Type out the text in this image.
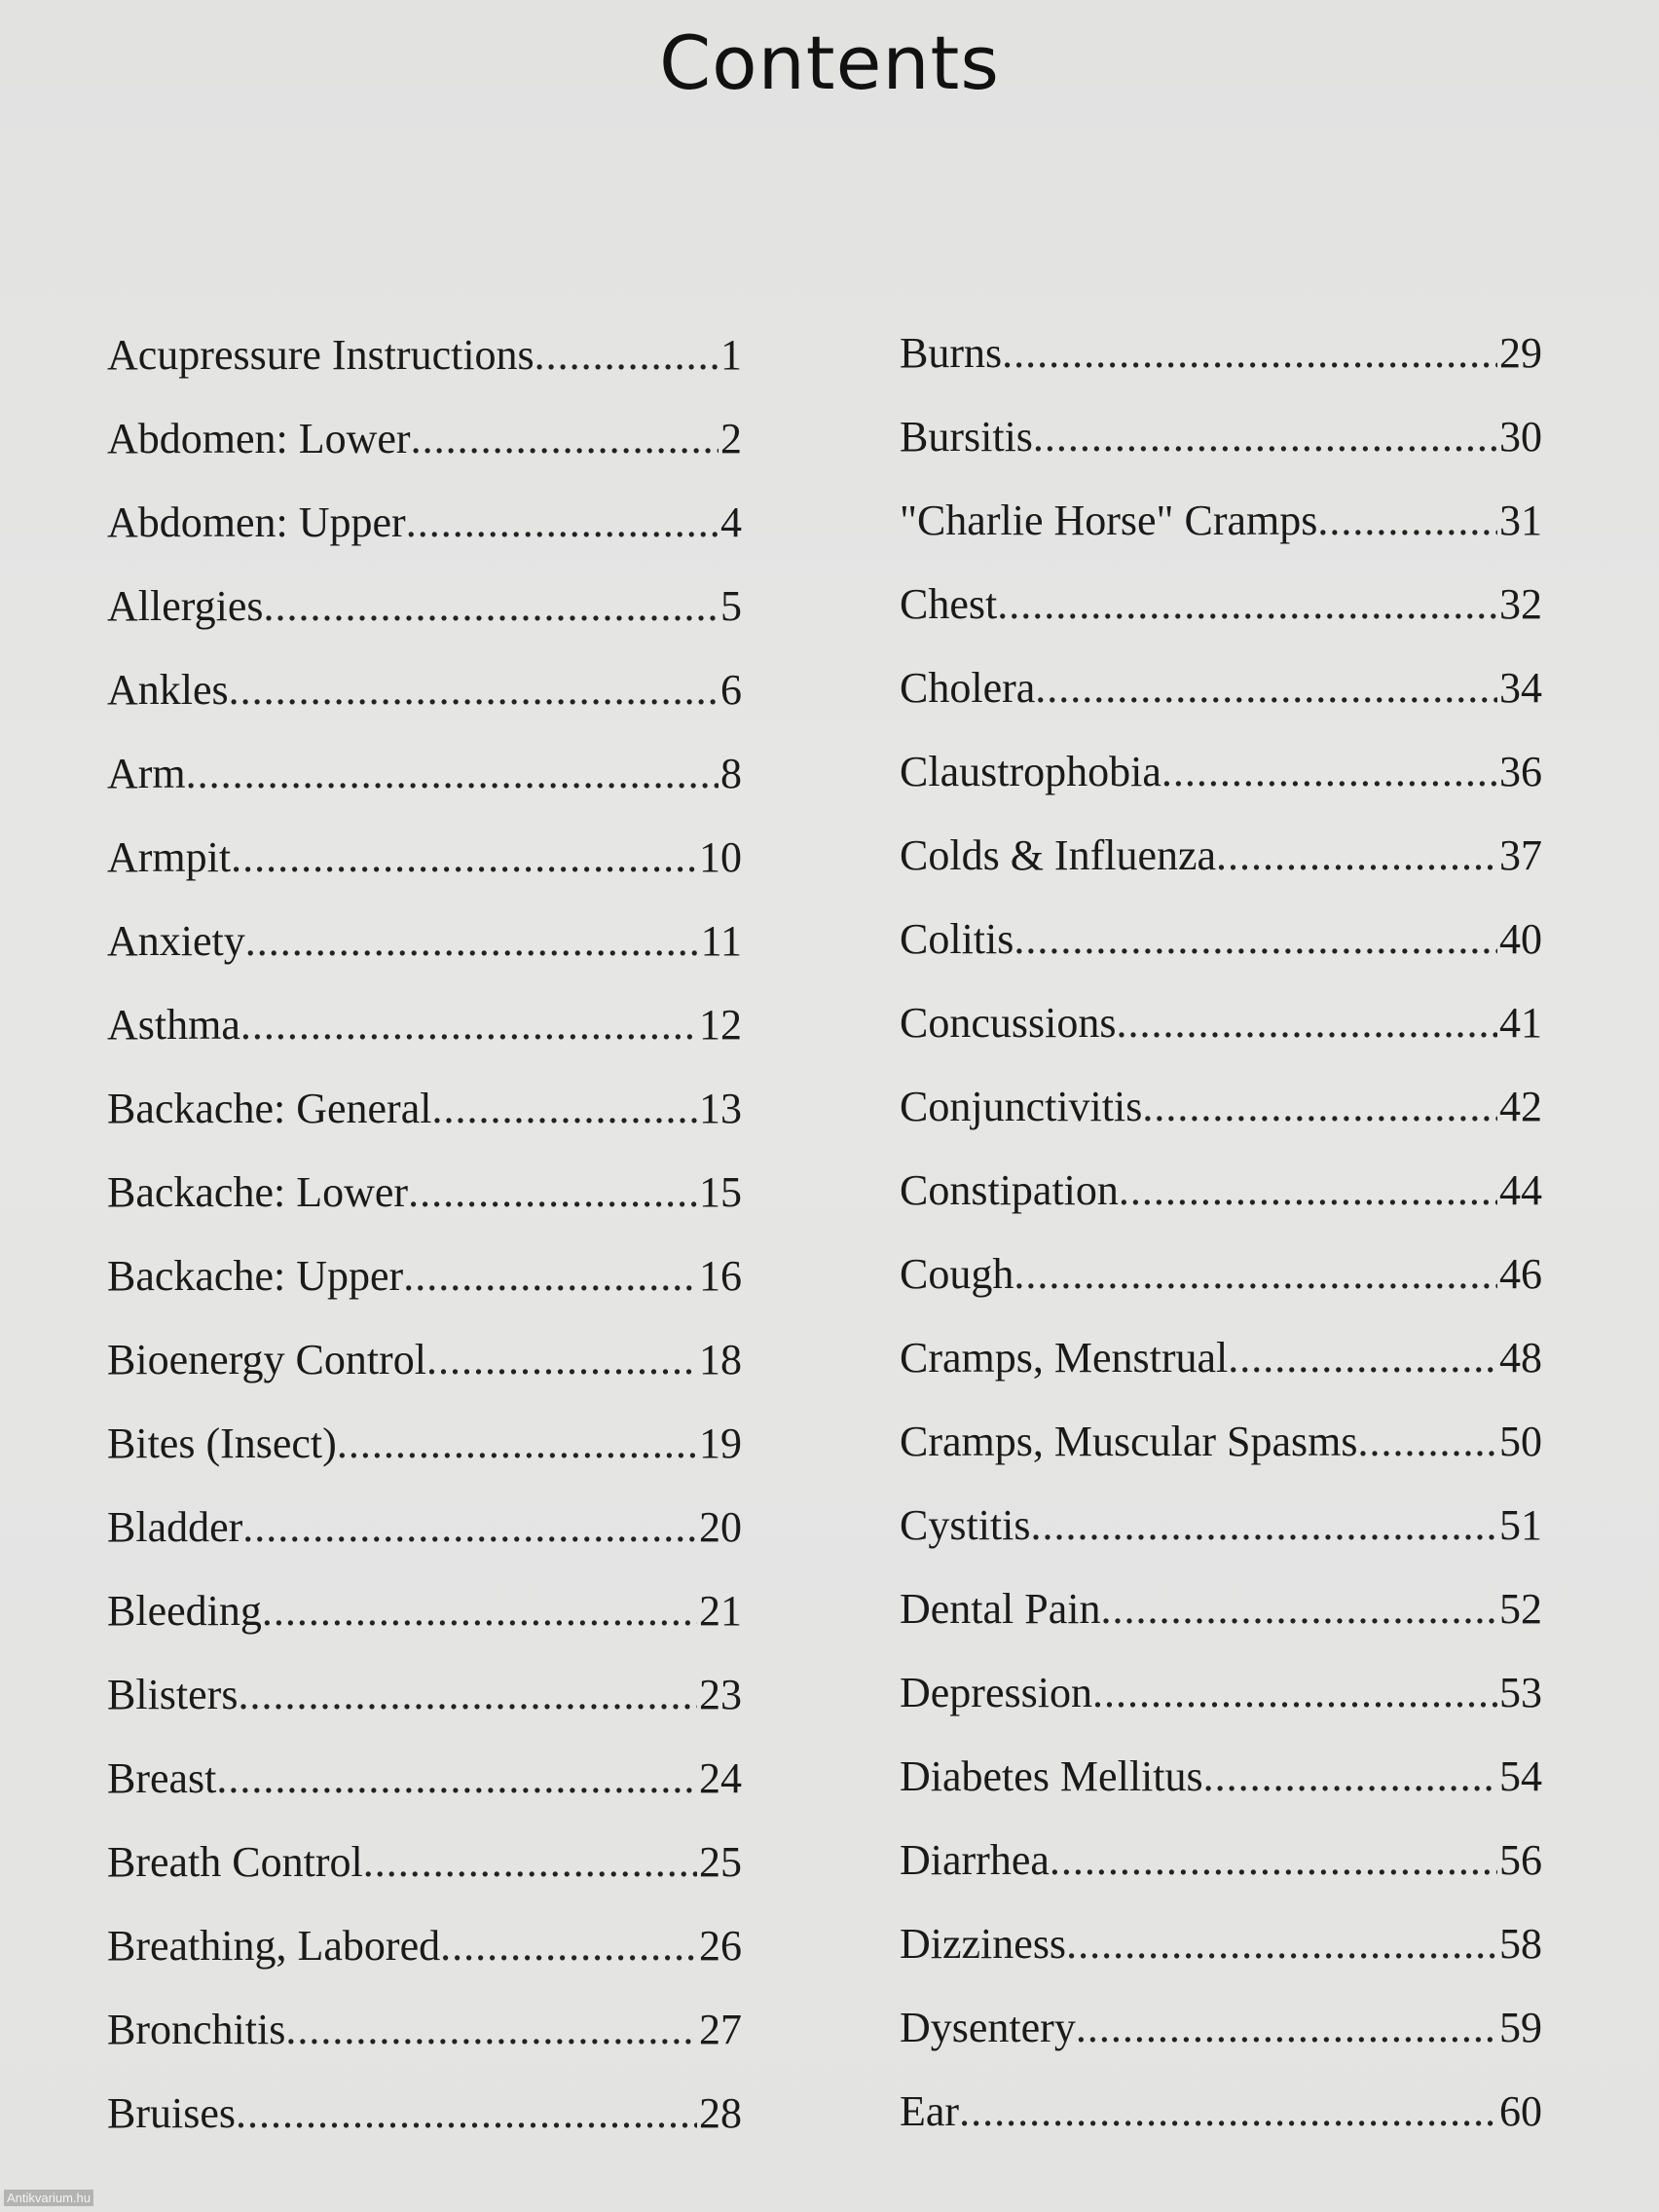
Contents
Acupressure Instructions .....	1
Abdomen: Lower .....	2
Abdomen: Upper .....	4
Allergies .....	5
Ankles .....	6
Arm .....	8
Armpit .....	10
Anxiety .....	11
Asthma .....	12
Backache: General .....	13
Backache: Lower .....	15
Backache: Upper .....	16
Bioenergy Control .....	18
Bites (Insect) .....	19
Bladder .....	20
Bleeding .....	21
Blisters .....	23
Breast .....	24
Breath Control .....	25
Breathing, Labored .....	26
Bronchitis .....	27
Bruises .....	28
Burns .....	29
Bursitis .....	30
"Charlie Horse" Cramps .....	31
Chest .....	32
Cholera .....	34
Claustrophobia .....	36
Colds & Influenza .....	37
Colitis .....	40
Concussions .....	41
Conjunctivitis .....	42
Constipation .....	44
Cough .....	46
Cramps, Menstrual .....	48
Cramps, Muscular Spasms .....	50
Cystitis .....	51
Dental Pain .....	52
Depression .....	53
Diabetes Mellitus .....	54
Diarrhea .....	56
Dizziness .....	58
Dysentery .....	59
Ear .....	60
Antikvarium.hu
